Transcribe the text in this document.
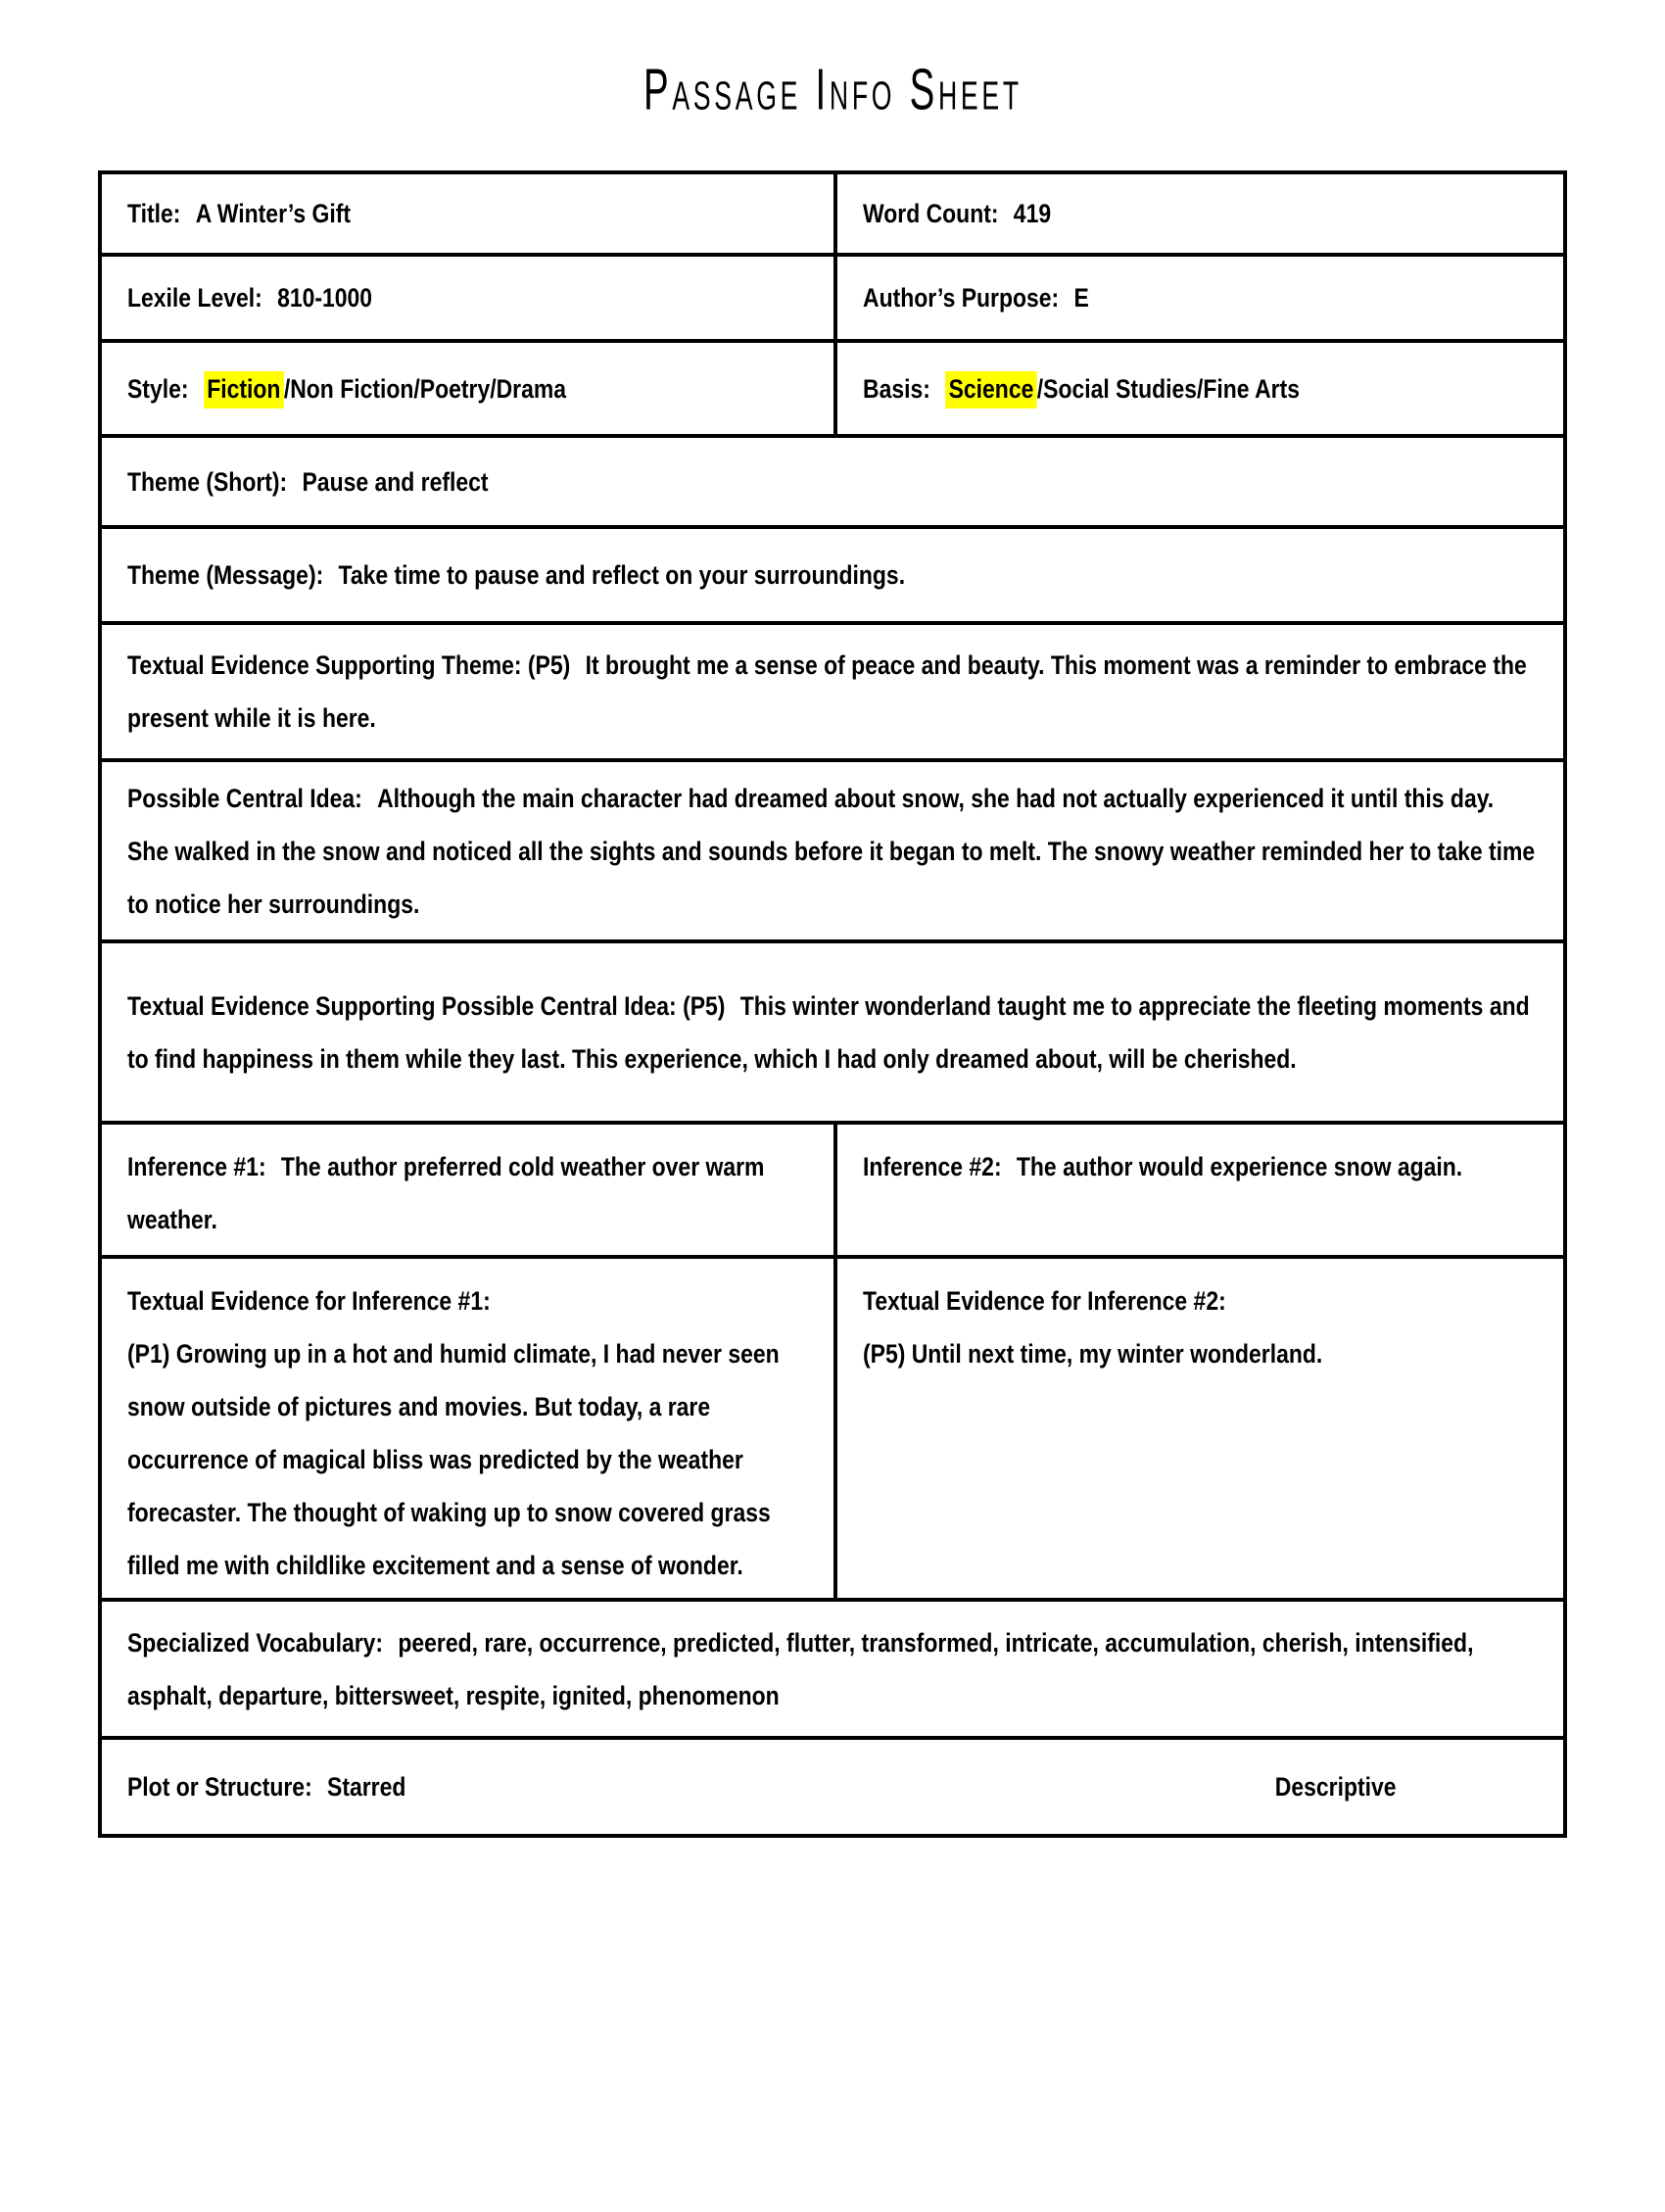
Passage Info Sheet
Title: A Winter’s Gift	Word Count: 419

Lexile Level: 810-1000	Author’s Purpose: E

Style: Fiction /Non Fiction/Poetry/Drama	Basis: Science /Social Studies/Fine Arts

Theme (Short): Pause and reflect	

Theme (Message): Take time to pause and reflect on your surroundings.	

Textual Evidence Supporting Theme: (P5) It brought me a sense of peace and beauty. This moment was a reminder to embrace the present while it is here.	

Possible Central Idea: Although the main character had dreamed about snow, she had not actually experienced it until this day. She walked in the snow and noticed all the sights and sounds before it began to melt. The snowy weather reminded her to take time to notice her surroundings.	

Textual Evidence Supporting Possible Central Idea: (P5) This winter wonderland taught me to appreciate the fleeting moments and to find happiness in them while they last. This experience, which I had only dreamed about, will be cherished.	

Inference #1: The author preferred cold weather over warm weather.	Inference #2: The author would experience snow again.

Textual Evidence for Inference #1:
(P1) Growing up in a hot and humid climate, I had never seen snow outside of pictures and movies. But today, a rare occurrence of magical bliss was predicted by the weather forecaster. The thought of waking up to snow covered grass filled me with childlike excitement and a sense of wonder.

Textual Evidence for Inference #2:
(P5) Until next time, my winter wonderland.

Specialized Vocabulary: peered, rare, occurrence, predicted, flutter, transformed, intricate, accumulation, cherish, intensified, asphalt, departure, bittersweet, respite, ignited, phenomenon	

Plot or Structure: Starred Descriptive	
